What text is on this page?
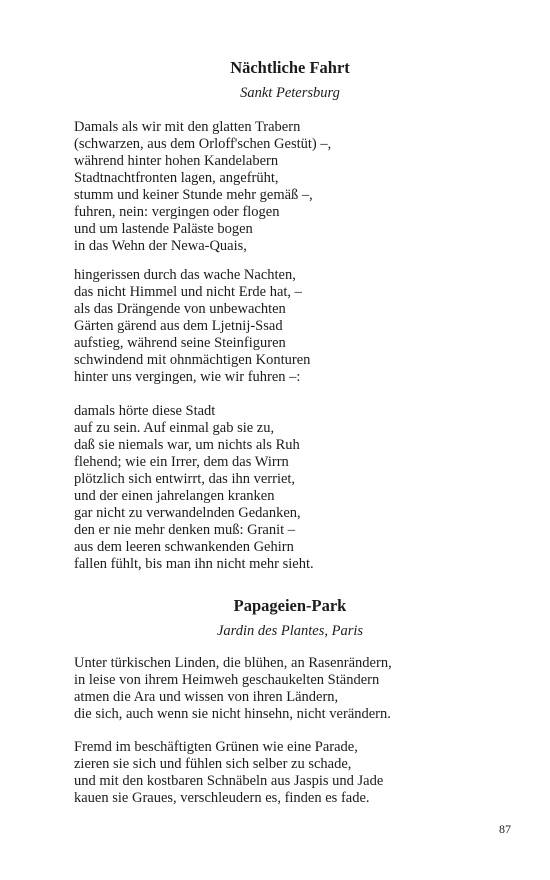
Nächtliche Fahrt

Sankt Petersburg

Damals als wir mit den glatten Trabern
(schwarzen, aus dem Orloff'schen Gestüt) –,
während hinter hohen Kandelabern
Stadtnachtfronten lagen, angefrüht,
stumm und keiner Stunde mehr gemäß –,
fuhren, nein: vergingen oder flogen
und um lastende Paläste bogen
in das Wehn der Newa-Quais,
hingerissen durch das wache Nachten,
das nicht Himmel und nicht Erde hat, –
als das Drängende von unbewachten
Gärten gärend aus dem Ljetnij-Ssad
aufstieg, während seine Steinfiguren
schwindend mit ohnmächtigen Konturen
hinter uns vergingen, wie wir fuhren –:
damals hörte diese Stadt
auf zu sein. Auf einmal gab sie zu,
daß sie niemals war, um nichts als Ruh
flehend; wie ein Irrer, dem das Wirrn
plötzlich sich entwirrt, das ihn verriet,
und der einen jahrelangen kranken
gar nicht zu verwandelnden Gedanken,
den er nie mehr denken muß: Granit –
aus dem leeren schwankenden Gehirn
fallen fühlt, bis man ihn nicht mehr sieht.
Papageien-Park

Jardin des Plantes, Paris

Unter türkischen Linden, die blühen, an Rasenrändern,
in leise von ihrem Heimweh geschaukelten Ständern
atmen die Ara und wissen von ihren Ländern,
die sich, auch wenn sie nicht hinsehn, nicht verändern.
Fremd im beschäftigten Grünen wie eine Parade,
zieren sie sich und fühlen sich selber zu schade,
und mit den kostbaren Schnäbeln aus Jaspis und Jade
kauen sie Graues, verschleudern es, finden es fade.

87
